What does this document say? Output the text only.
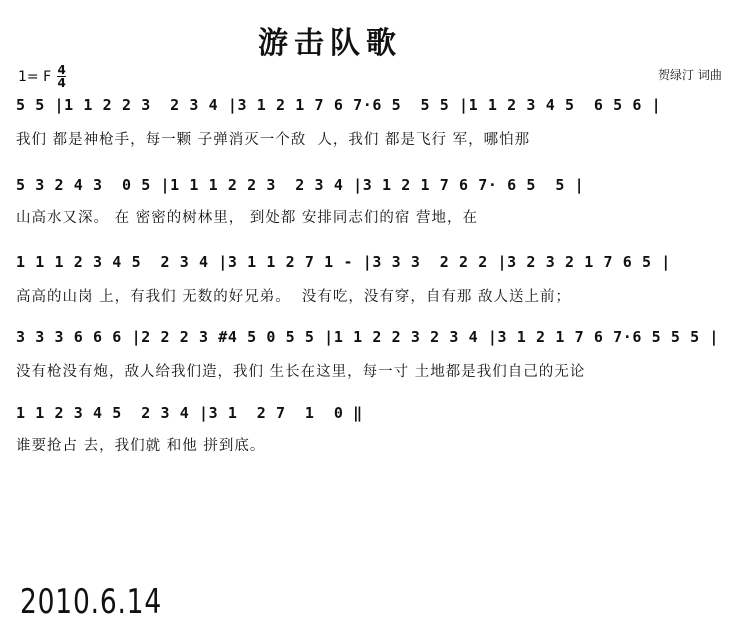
游击队歌
1= F $\frac{4}{4}$	贺绿汀 词曲
5 5 |1 1 2 2 3  2 3 4 |3 1 2 1 7 6 7·6 5  5 5 |1 1 2 3 4 5  6 5 6 |
我们 都是神枪手，每一颗 子弹消灭一个敌  人，我们 都是飞行 军，哪怕那
5 3 2 4 3  0 5 |1 1 1 2 2 3  2 3 4 |3 1 2 1 7 6 7· 6 5  5 |
山高水又深。 在 密密的树林里， 到处都 安排同志们的宿 营地，在
1 1 1 2 3 4 5  2 3 4 |3 1 1 2 7 1 - |3 3 3  2 2 2 |3 2 3 2 1 7 6 5 |
高高的山岗 上，有我们 无数的好兄弟。  没有吃，没有穿，自有那 敌人送上前；
3 3 3 6 6 6 |2 2 2 3 #4 5 0 5 5 |1 1 2 2 3 2 3 4 |3 1 2 1 7 6 7·6 5 5 5 |
没有枪没有炮，敌人给我们造，我们 生长在这里，每一寸 土地都是我们自己的无论
1 1 2 3 4 5  2 3 4 |3 1  2 7  1  0 ‖
谁要抢占 去，我们就 和他 拼到底。
2010.6.14
